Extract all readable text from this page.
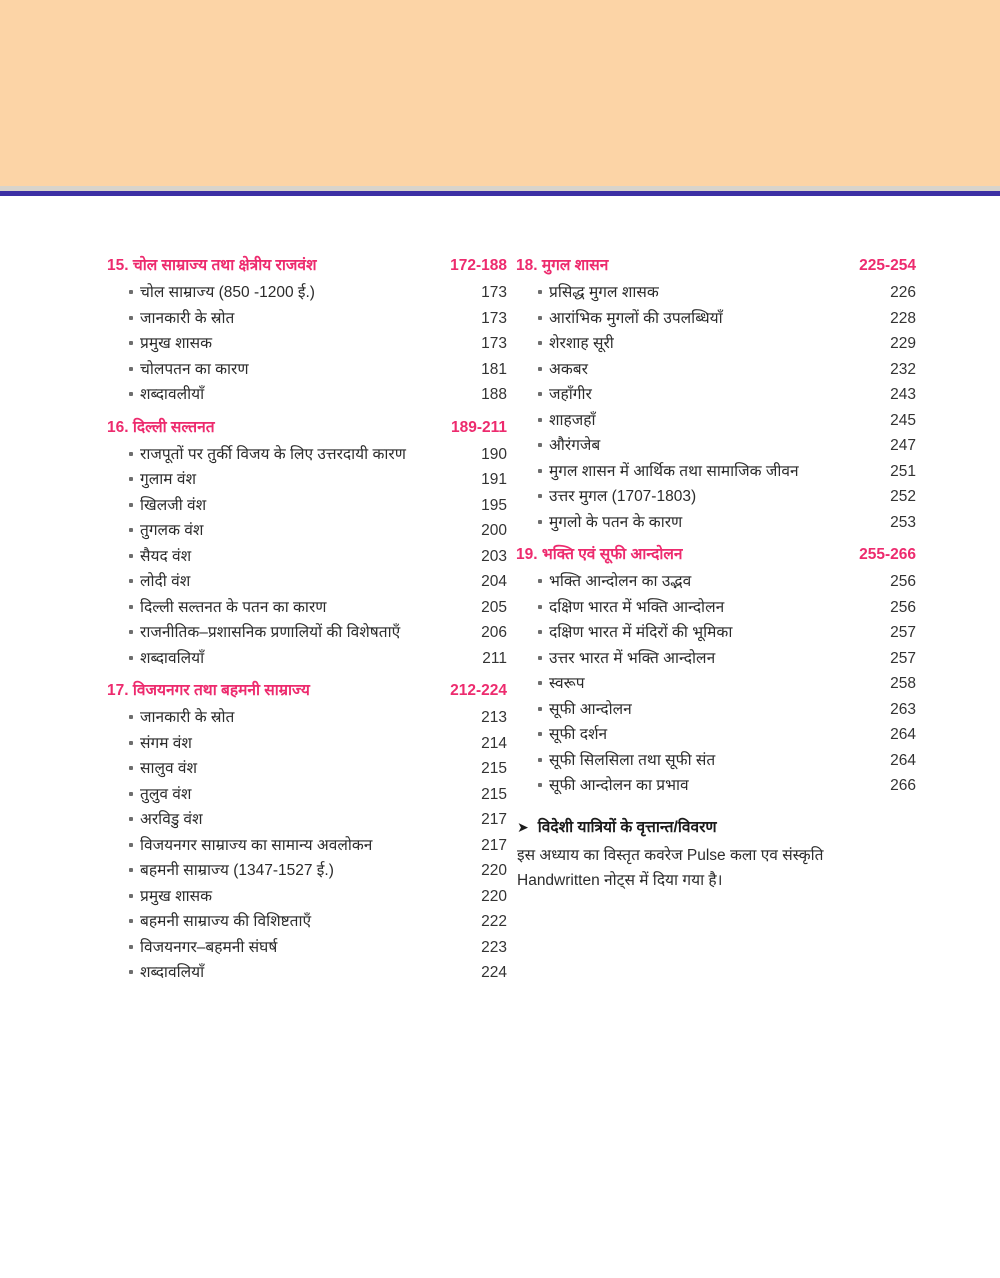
15. चोल साम्राज्य तथा क्षेत्रीय राजवंश	172-188
चोल साम्राज्य (850 -1200 ई.)	173
जानकारी के स्रोत	173
प्रमुख शासक	173
चोलपतन का कारण	181
शब्दावलीयाँ	188
16. दिल्ली सल्तनत	189-211
राजपूतों पर तुर्की विजय के लिए उत्तरदायी कारण	190
गुलाम वंश	191
खिलजी वंश	195
तुगलक वंश	200
सैयद वंश	203
लोदी वंश	204
दिल्ली सल्तनत के पतन का कारण	205
राजनीतिक–प्रशासनिक प्रणालियों की विशेषताएँ	206
शब्दावलियाँ	211
17. विजयनगर तथा बहमनी साम्राज्य	212-224
जानकारी के स्रोत	213
संगम वंश	214
सालुव वंश	215
तुलुव वंश	215
अरविडु वंश	217
विजयनगर साम्राज्य का सामान्य अवलोकन	217
बहमनी साम्राज्य (1347-1527 ई.)	220
प्रमुख शासक	220
बहमनी साम्राज्य की विशिष्टताएँ	222
विजयनगर–बहमनी संघर्ष	223
शब्दावलियाँ	224
18. मुगल शासन	225-254
प्रसिद्ध मुगल शासक	226
आरांभिक मुगलों की उपलब्धियाँ	228
शेरशाह सूरी	229
अकबर	232
जहाँगीर	243
शाहजहाँ	245
औरंगजेब	247
मुगल शासन में आर्थिक तथा सामाजिक जीवन	251
उत्तर मुगल (1707-1803)	252
मुगलो के पतन के कारण	253
19. भक्ति एवं सूफी आन्दोलन	255-266
भक्ति आन्दोलन का उद्भव	256
दक्षिण भारत में भक्ति आन्दोलन	256
दक्षिण भारत में मंदिरों की भूमिका	257
उत्तर भारत में भक्ति आन्दोलन	257
स्वरूप	258
सूफी आन्दोलन	263
सूफी दर्शन	264
सूफी सिलसिला तथा सूफी संत	264
सूफी आन्दोलन का प्रभाव	266
➤ विदेशी यात्रियों के वृत्तान्त/विवरण
इस अध्याय का विस्तृत कवरेज Pulse कला एव संस्कृति Handwritten नोट्स में दिया गया है।
